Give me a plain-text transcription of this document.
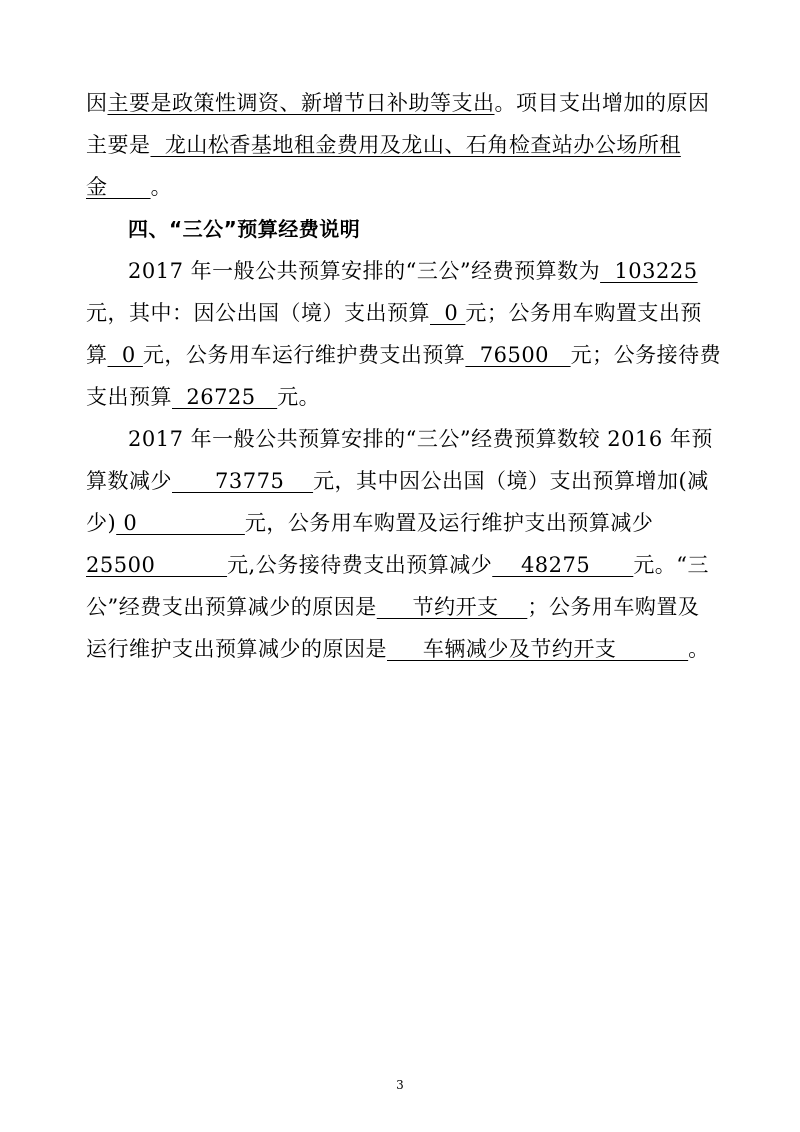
因主要是政策性调资、新增节日补助等支出。项目支出增加的原因
主要是  龙山松香基地租金费用及龙山、石角检查站办公场所租
金      。
四、“三公”预算经费说明
2017 年一般公共预算安排的“三公”经费预算数为  103225
元，其中：因公出国（境）支出预算  0 元；公务用车购置支出预
算  0 元，公务用车运行维护费支出预算  76500   元；公务接待费
支出预算  26725   元。
2017 年一般公共预算安排的“三公”经费预算数较 2016 年预
算数减少      73775    元，其中因公出国（境）支出预算增加(减
少) 0               元，公务用车购置及运行维护支出预算减少
25500          元,公务接待费支出预算减少    48275      元。“三
公”经费支出预算减少的原因是     节约开支    ；公务用车购置及
运行维护支出预算减少的原因是     车辆减少及节约开支          。
3
